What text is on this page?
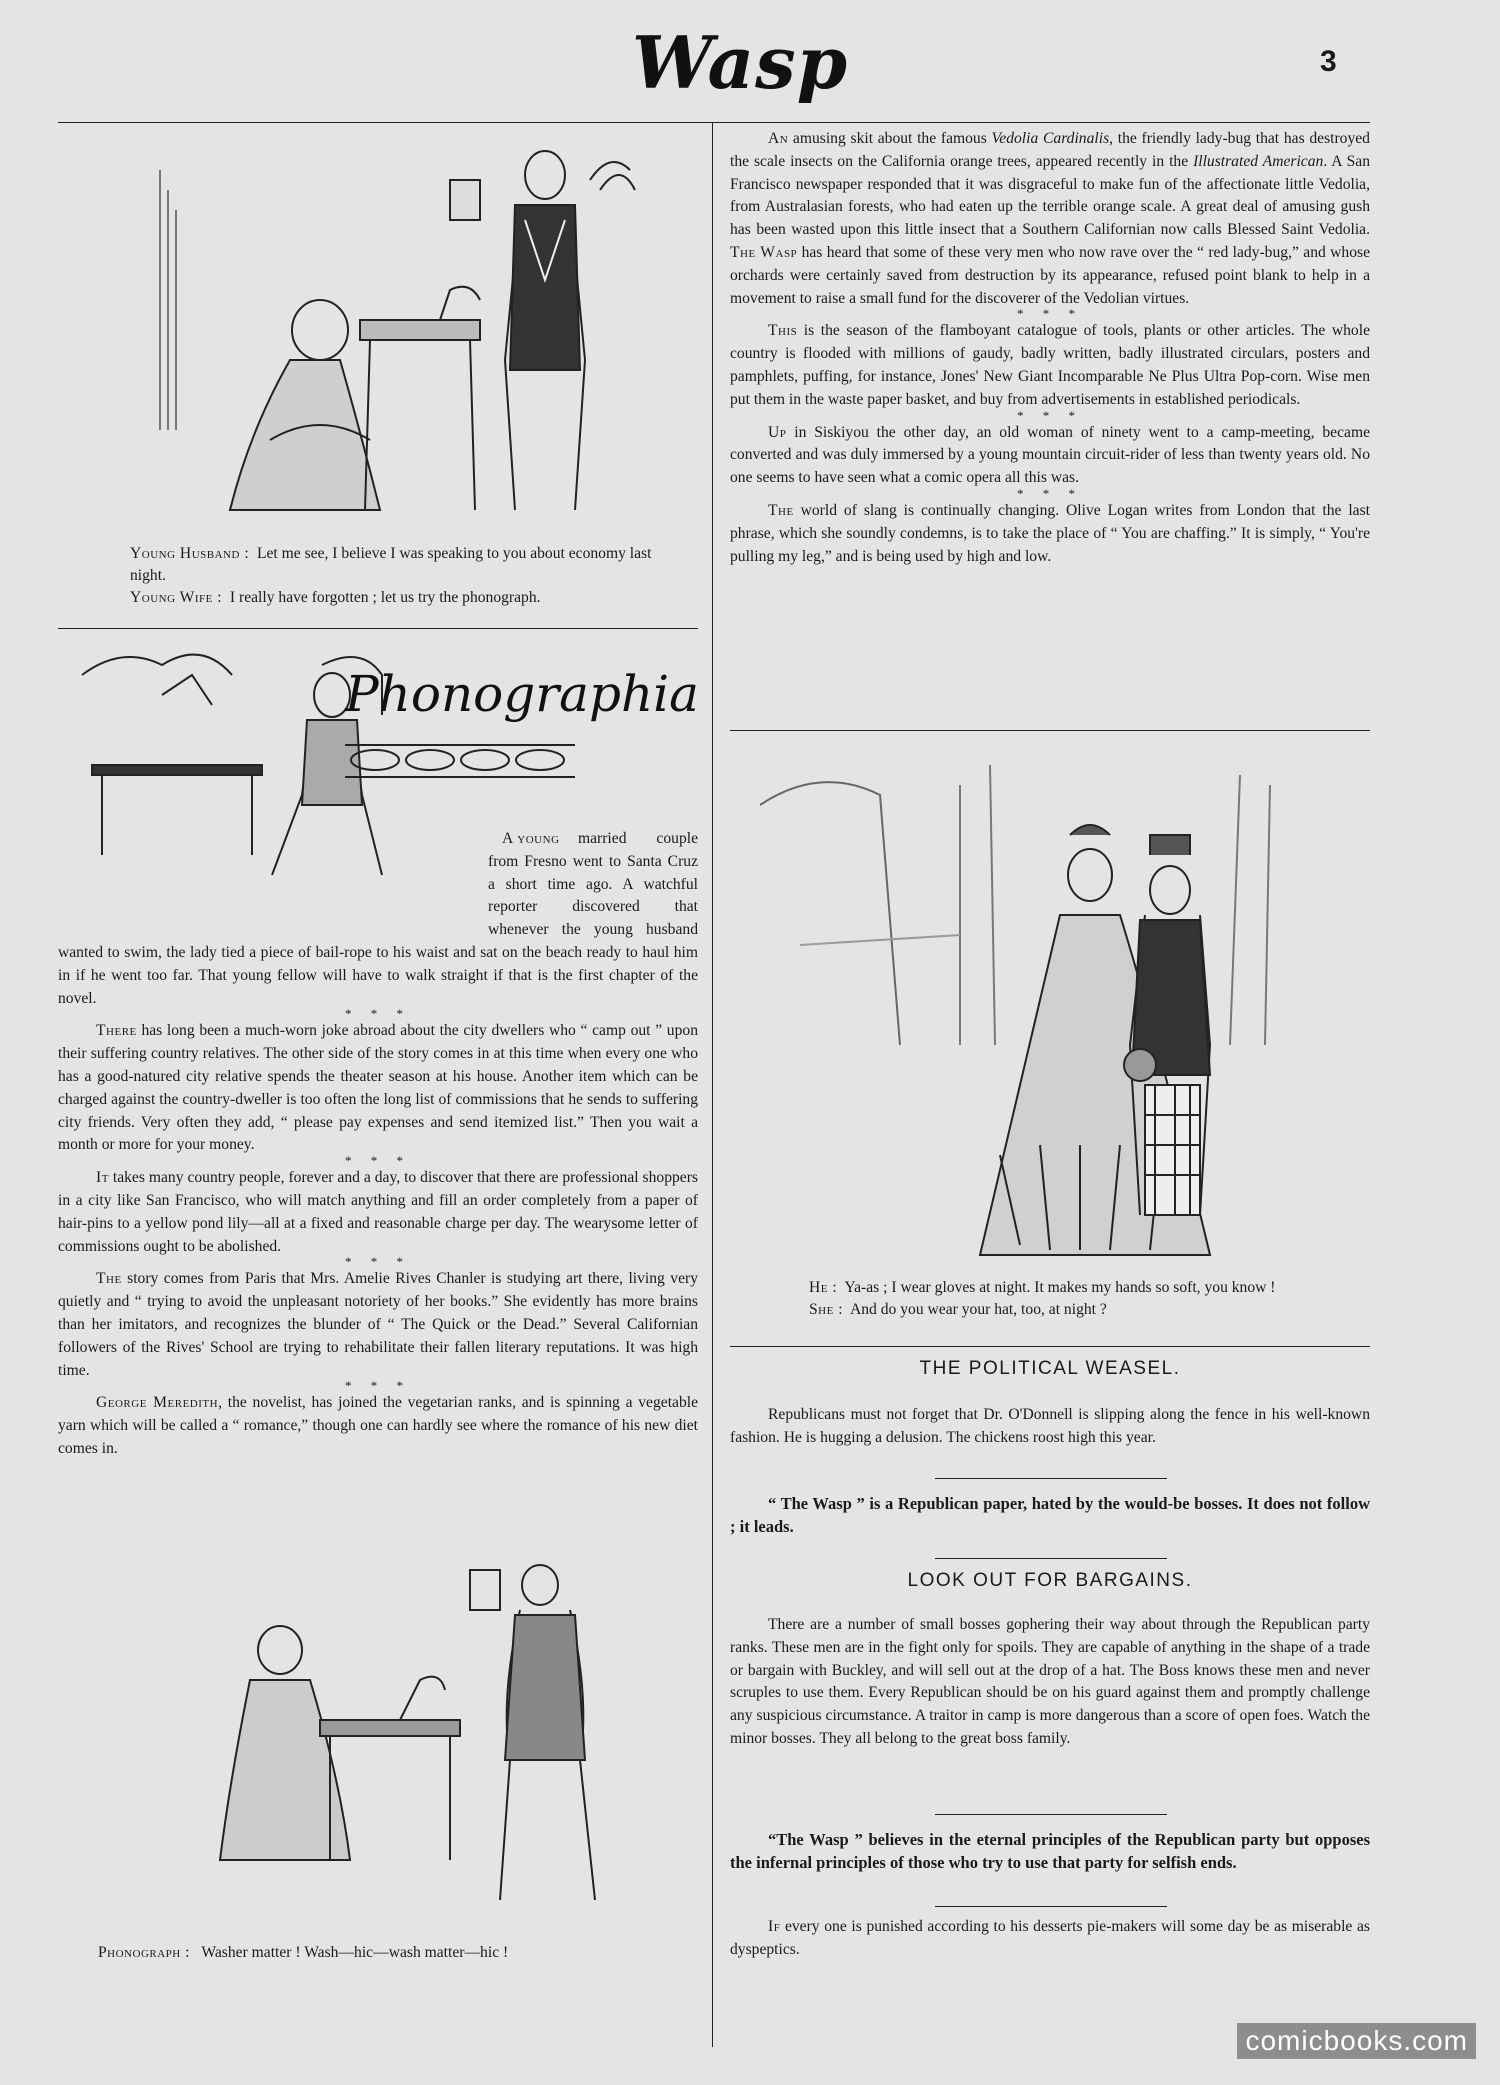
Wasp	3

Young Husband : Let me see, I believe I was speaking to you about economy last night.

Young Wife : I really have forgotten ; let us try the phonograph.

Phonographia

A young	married couple from Fresno went to Santa Cruz a short time ago. A watchful reporter discovered that whenever the young husband wanted to swim, the lady tied a piece of bail-rope to his waist and sat on the beach ready to haul him in if he went too far. That young fellow will have to walk straight if that is the first chapter of the novel.

* * *

There has long been a much-worn joke abroad about the city dwellers who “ camp out ” upon their suffering country relatives. The other side of the story comes in at this time when every one who has a good-natured city relative spends the theater season at his house. Another item which can be charged against the country-dweller is too often the long list of commissions that he sends to suffering city friends. Very often they add, “ please pay expenses and send itemized list.” Then you wait a month or more for your money.

* * *

It takes many country people, forever and a day, to discover that there are professional shoppers in a city like San Francisco, who will match anything and fill an order completely from a paper of hair-pins to a yellow pond lily—all at a fixed and reasonable charge per day. The wearysome letter of commissions ought to be abolished.

* * *

The story comes from Paris that Mrs. Amelie Rives Chanler is studying art there, living very quietly and “ trying to avoid the unpleasant notoriety of her books.” She evidently has more brains than her imitators, and recognizes the blunder of “ The Quick or the Dead.” Several Californian followers of the Rives' School are trying to rehabilitate their fallen literary reputations. It was high time.

* * *

George Meredith, the novelist, has joined the vegetarian ranks, and is spinning a vegetable yarn which will be called a “ romance,” though one can hardly see where the romance of his new diet comes in.

Phonograph : Washer matter ! Wash—hic—wash matter—hic !

An amusing skit about the famous Vedolia Cardinalis, the friendly lady-bug that has destroyed the scale insects on the California orange trees, appeared recently in the Illustrated American. A San Francisco newspaper responded that it was disgraceful to make fun of the affectionate little Vedolia, from Australasian forests, who had eaten up the terrible orange scale. A great deal of amusing gush has been wasted upon this little insect that a Southern Californian now calls Blessed Saint Vedolia. The Wasp has heard that some of these very men who now rave over the “ red lady-bug,” and whose orchards were certainly saved from destruction by its appearance, refused point blank to help in a movement to raise a small fund for the discoverer of the Vedolian virtues.

* * *

This is the season of the flamboyant catalogue of tools, plants or other articles. The whole country is flooded with millions of gaudy, badly written, badly illustrated circulars, posters and pamphlets, puffing, for instance, Jones' New Giant Incomparable Ne Plus Ultra Pop-corn. Wise men put them in the waste paper basket, and buy from advertisements in established periodicals.

* * *

Up in Siskiyou the other day, an old woman of ninety went to a camp-meeting, became converted and was duly immersed by a young mountain circuit-rider of less than twenty years old. No one seems to have seen what a comic opera all this was.

* * *

The world of slang is continually changing. Olive Logan writes from London that the last phrase, which she soundly condemns, is to take the place of “ You are chaffing.” It is simply, “ You're pulling my leg,” and is being used by high and low.

He : Ya-as ; I wear gloves at night. It makes my hands so soft, you know !

She : And do you wear your hat, too, at night ?

THE POLITICAL WEASEL.

Republicans must not forget that Dr. O'Donnell is slipping along the fence in his well-known fashion. He is hugging a delusion. The chickens roost high this year.

“ The Wasp ” is a Republican paper, hated by the would-be bosses. It does not follow ; it leads.
LOOK OUT FOR BARGAINS.

There are a number of small bosses gophering their way about through the Republican party ranks. These men are in the fight only for spoils. They are capable of anything in the shape of a trade or bargain with Buckley, and will sell out at the drop of a hat. The Boss knows these men and never scruples to use them. Every Republican should be on his guard against them and promptly challenge any suspicious circumstance. A traitor in camp is more dangerous than a score of open foes. Watch the minor bosses. They all belong to the great boss family.

“The Wasp ” believes in the eternal principles of the Republican party but opposes the infernal principles of those who try to use that party for selfish ends.

If every one is punished according to his desserts pie-makers will some day be as miserable as dyspeptics.

comicbooks.com
